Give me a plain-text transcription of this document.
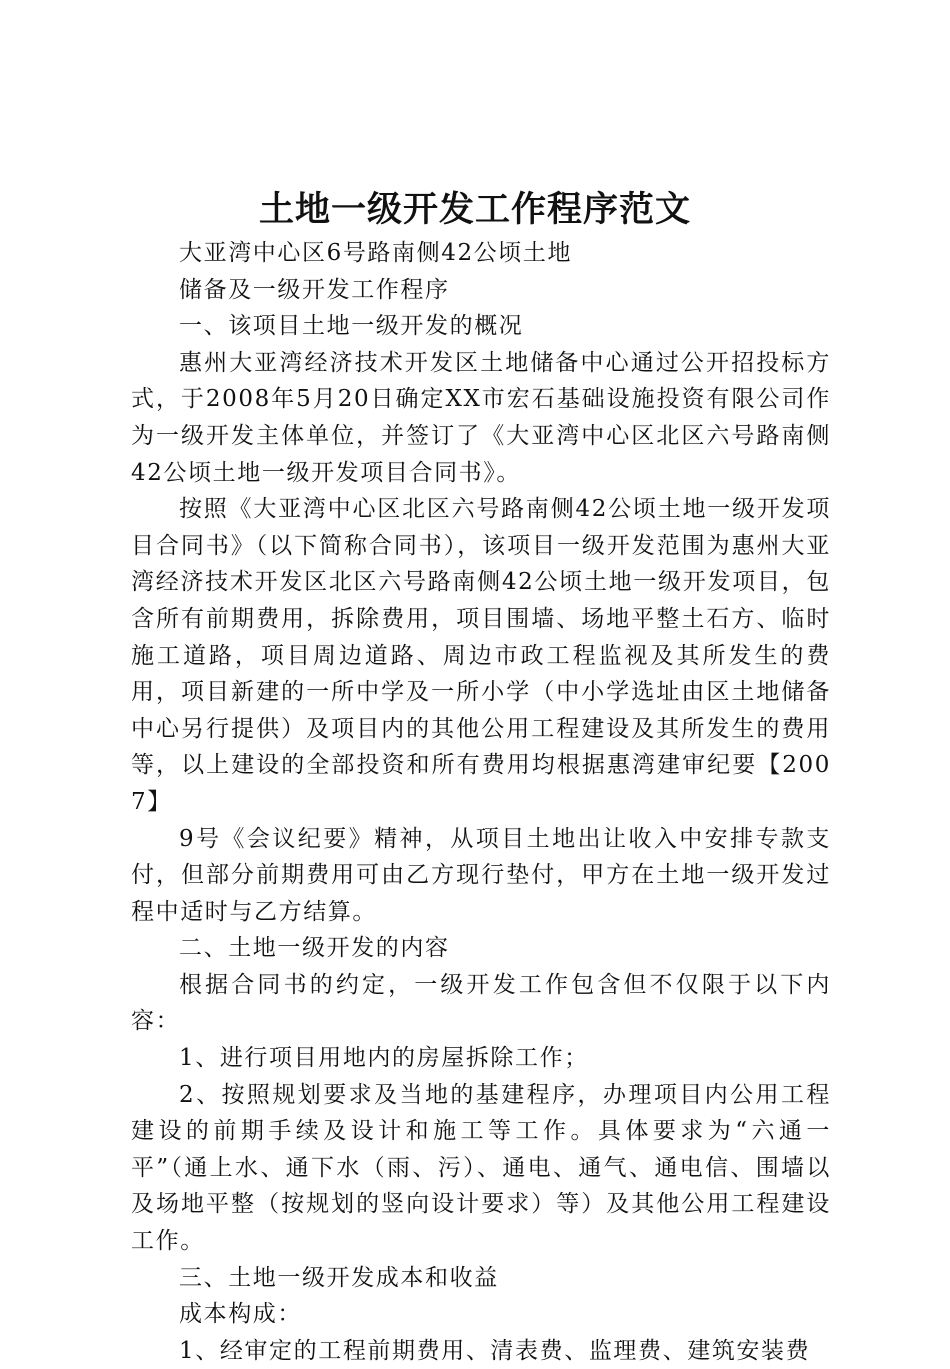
土地一级开发工作程序范文

大亚湾中心区6号路南侧42公顷土地

储备及一级开发工作程序

一、该项目土地一级开发的概况

惠州大亚湾经济技术开发区土地储备中心通过公开招投标方式，于2008年5月20日确定XX市宏石基础设施投资有限公司作为一级开发主体单位，并签订了《大亚湾中心区北区六号路南侧42公顷土地一级开发项目合同书》。

按照《大亚湾中心区北区六号路南侧42公顷土地一级开发项目合同书》（以下简称合同书），该项目一级开发范围为惠州大亚湾经济技术开发区北区六号路南侧42公顷土地一级开发项目，包含所有前期费用，拆除费用，项目围墙、场地平整土石方、临时施工道路，项目周边道路、周边市政工程监视及其所发生的费用，项目新建的一所中学及一所小学（中小学选址由区土地储备中心另行提供）及项目内的其他公用工程建设及其所发生的费用等，以上建设的全部投资和所有费用均根据惠湾建审纪要【2007】

9号《会议纪要》精神，从项目土地出让收入中安排专款支付，但部分前期费用可由乙方现行垫付，甲方在土地一级开发过程中适时与乙方结算。

二、土地一级开发的内容

根据合同书的约定，一级开发工作包含但不仅限于以下内容：

1、进行项目用地内的房屋拆除工作；

2、按照规划要求及当地的基建程序，办理项目内公用工程建设的前期手续及设计和施工等工作。具体要求为“六通一平”（通上水、通下水（雨、污）、通电、通气、通电信、围墙以及场地平整（按规划的竖向设计要求）等）及其他公用工程建设工作。

三、土地一级开发成本和收益

成本构成：

1、经审定的工程前期费用、清表费、监理费、建筑安装费
